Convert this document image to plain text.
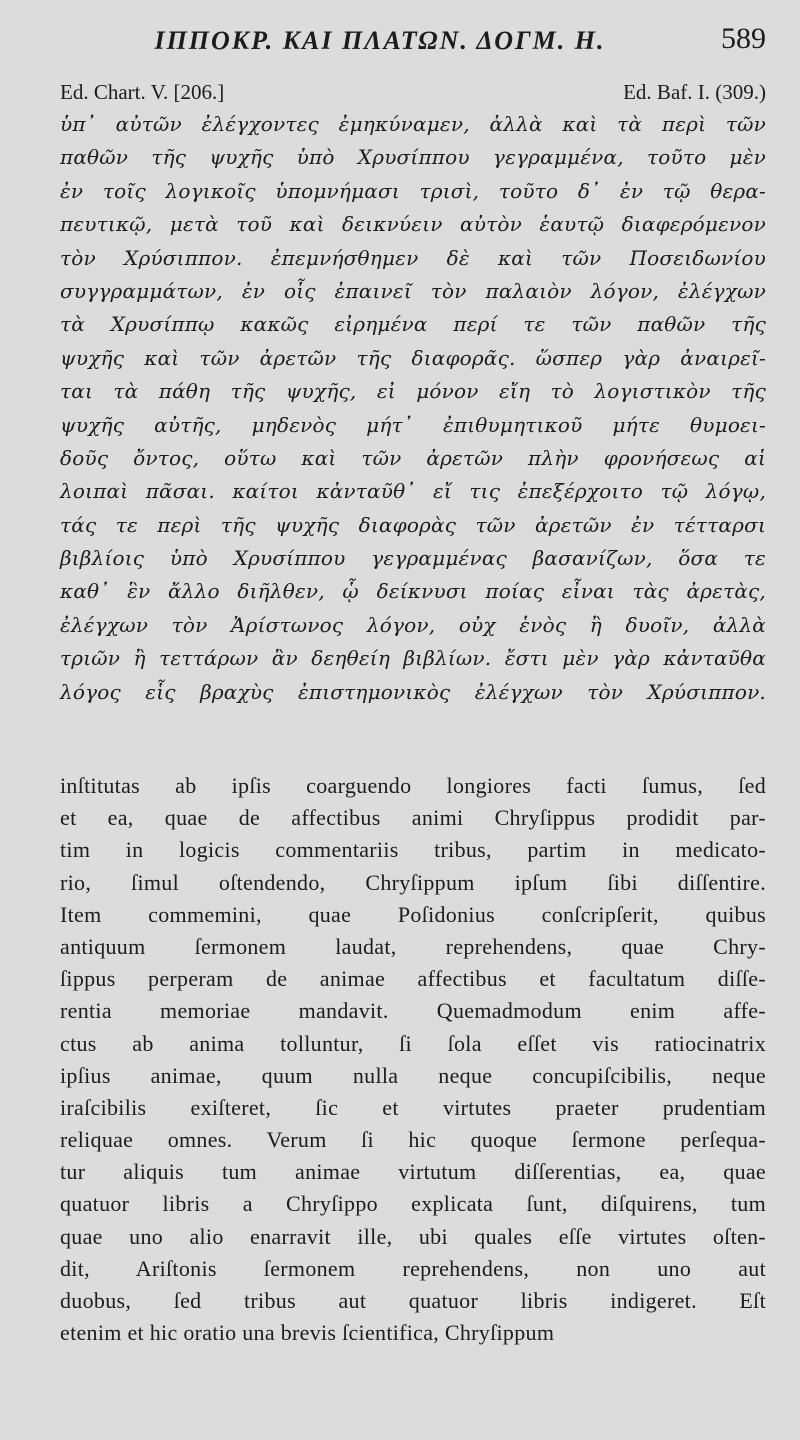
ΙΠΠΟΚΡ. ΚΑΙ ΠΛΑΤΩΝ. ΔΟΓΜ. Η.	589
Ed. Chart. V. [206.]	Ed. Baf. I. (309.)
ὑπ᾽ αὐτῶν ἐλέγχοντες ἐμηκύναμεν, ἀλλὰ καὶ τὰ περὶ τῶν
παθῶν τῆς ψυχῆς ὑπὸ Χρυσίππου γεγραμμένα, τοῦτο μὲν
ἐν τοῖς λογικοῖς ὑπομνήμασι τρισὶ, τοῦτο δ᾽ ἐν τῷ θερα-
πευτικῷ, μετὰ τοῦ καὶ δεικνύειν αὐτὸν ἑαυτῷ διαφερόμενον
τὸν Χρύσιππον. ἐπεμνήσθημεν δὲ καὶ τῶν Ποσειδωνίου
συγγραμμάτων, ἐν οἷς ἐπαινεῖ τὸν παλαιὸν λόγον, ἐλέγχων
τὰ Χρυσίππῳ κακῶς εἰρημένα περί τε τῶν παθῶν τῆς
ψυχῆς καὶ τῶν ἀρετῶν τῆς διαφορᾶς. ὥσπερ γὰρ ἀναιρεῖ-
ται τὰ πάθη τῆς ψυχῆς, εἰ μόνον εἴη τὸ λογιστικὸν τῆς
ψυχῆς αὐτῆς, μηδενὸς μήτ᾽ ἐπιθυμητικοῦ μήτε θυμοει-
δοῦς ὄντος, οὕτω καὶ τῶν ἀρετῶν πλὴν φρονήσεως αἱ
λοιπαὶ πᾶσαι. καίτοι κἀνταῦθ᾽ εἴ τις ἐπεξέρχοιτο τῷ λόγῳ,
τάς τε περὶ τῆς ψυχῆς διαφορὰς τῶν ἀρετῶν ἐν τέτταρσι
βιβλίοις ὑπὸ Χρυσίππου γεγραμμένας βασανίζων, ὅσα τε
καθ᾽ ἓν ἄλλο διῆλθεν, ᾧ δείκνυσι ποίας εἶναι τὰς ἀρετὰς,
ἐλέγχων τὸν Ἀρίστωνος λόγον, οὐχ ἑνὸς ἢ δυοῖν, ἀλλὰ
τριῶν ἢ τεττάρων ἂν δεηθείη βιβλίων. ἔστι μὲν γὰρ κἀνταῦθα
λόγος εἷς βραχὺς ἐπιστημονικὸς ἐλέγχων τὸν Χρύσιππον.
inſtitutas ab ipſis coarguendo longiores facti ſumus, ſed
et ea, quae de affectibus animi Chryſippus prodidit par-
tim in logicis commentariis tribus, partim in medicato-
rio, ſimul oſtendendo, Chryſippum ipſum ſibi diſſentire.
Item commemini, quae Poſidonius conſcripſerit, quibus
antiquum ſermonem laudat, reprehendens, quae Chry-
ſippus perperam de animae affectibus et facultatum diſſe-
rentia memoriae mandavit. Quemadmodum enim affe-
ctus ab anima tolluntur, ſi ſola eſſet vis ratiocinatrix
ipſius animae, quum nulla neque concupiſcibilis, neque
iraſcibilis exiſteret, ſic et virtutes praeter prudentiam
reliquae omnes. Verum ſi hic quoque ſermone perſequa-
tur aliquis tum animae virtutum diſſerentias, ea, quae
quatuor libris a Chryſippo explicata ſunt, diſquirens, tum
quae uno alio enarravit ille, ubi quales eſſe virtutes oſten-
dit, Ariſtonis ſermonem reprehendens, non uno aut
duobus, ſed tribus aut quatuor libris indigeret. Eſt
etenim et hic oratio una brevis ſcientifica, Chryſippum
